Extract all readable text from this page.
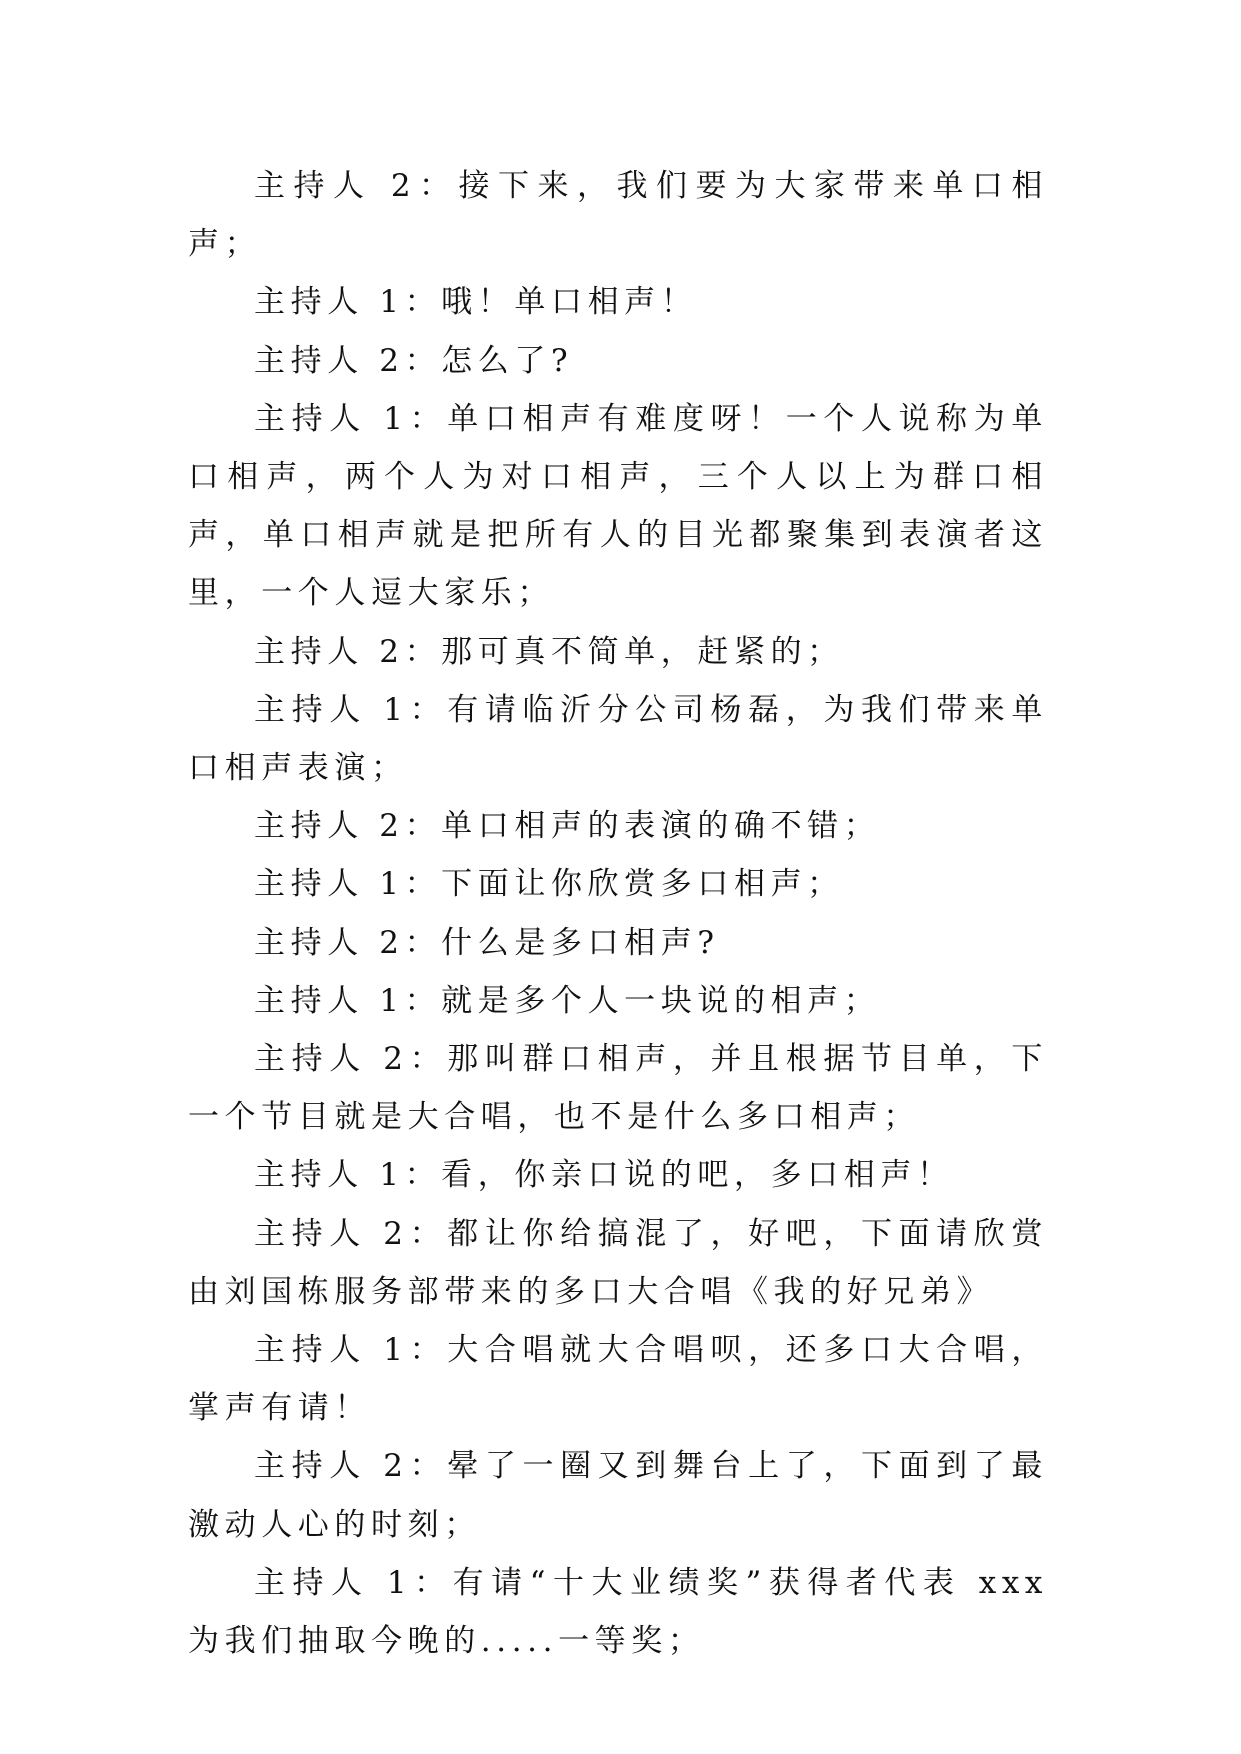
主持人 2：接下来，我们要为大家带来单口相声；

主持人 1：哦！单口相声！

主持人 2：怎么了?

主持人 1：单口相声有难度呀！一个人说称为单口相声，两个人为对口相声，三个人以上为群口相声，单口相声就是把所有人的目光都聚集到表演者这里，一个人逗大家乐；

主持人 2：那可真不简单，赶紧的；

主持人 1：有请临沂分公司杨磊，为我们带来单口相声表演；

主持人 2：单口相声的表演的确不错；

主持人 1：下面让你欣赏多口相声；

主持人 2：什么是多口相声?

主持人 1：就是多个人一块说的相声；

主持人 2：那叫群口相声，并且根据节目单，下一个节目就是大合唱，也不是什么多口相声；

主持人 1：看，你亲口说的吧，多口相声！

主持人 2：都让你给搞混了，好吧，下面请欣赏由刘国栋服务部带来的多口大合唱《我的好兄弟》

主持人 1：大合唱就大合唱呗，还多口大合唱，掌声有请！

主持人 2：晕了一圈又到舞台上了，下面到了最激动人心的时刻；

主持人 1：有请“十大业绩奖”获得者代表 xxx 为我们抽取今晚的.....一等奖；
